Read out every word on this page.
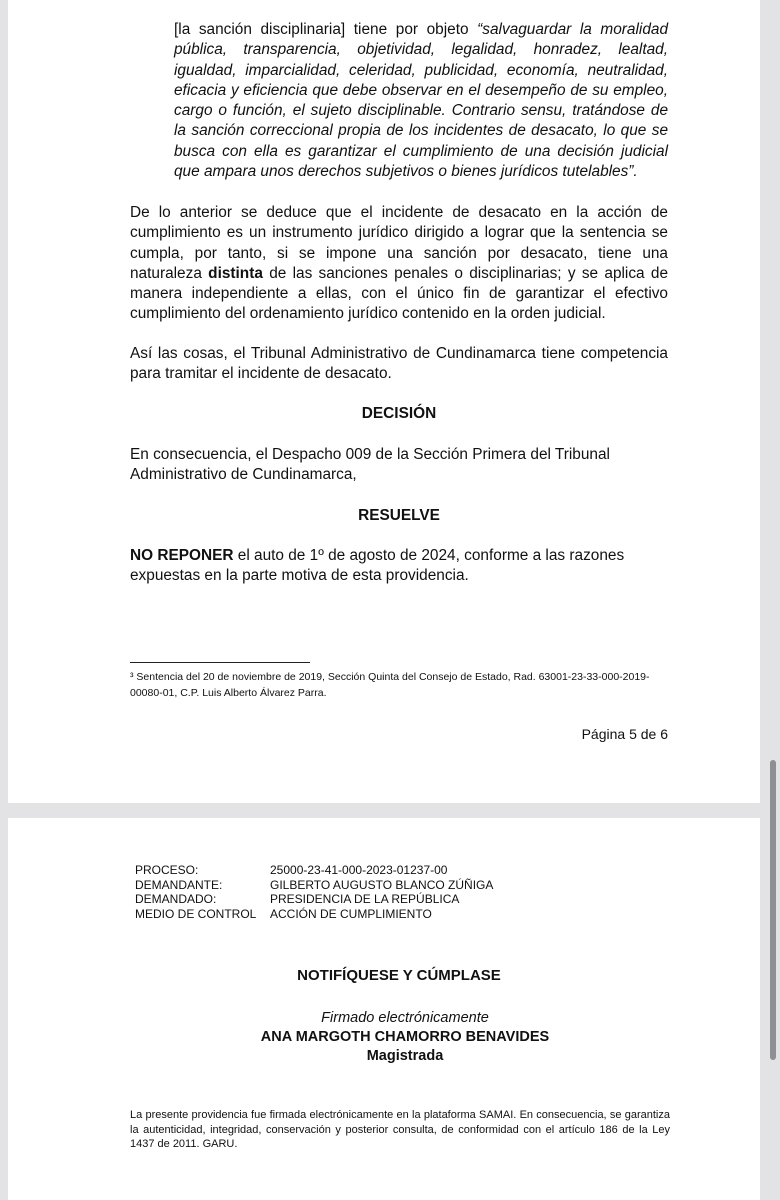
[la sanción disciplinaria] tiene por objeto “salvaguardar la moralidad pública, transparencia, objetividad, legalidad, honradez, lealtad, igualdad, imparcialidad, celeridad, publicidad, economía, neutralidad, eficacia y eficiencia que debe observar en el desempeño de su empleo, cargo o función, el sujeto disciplinable. Contrario sensu, tratándose de la sanción correccional propia de los incidentes de desacato, lo que se busca con ella es garantizar el cumplimiento de una decisión judicial que ampara unos derechos subjetivos o bienes jurídicos tutelables”.

De lo anterior se deduce que el incidente de desacato en la acción de cumplimiento es un instrumento jurídico dirigido a lograr que la sentencia se cumpla, por tanto, si se impone una sanción por desacato, tiene una naturaleza distinta de las sanciones penales o disciplinarias; y se aplica de manera independiente a ellas, con el único fin de garantizar el efectivo cumplimiento del ordenamiento jurídico contenido en la orden judicial.

Así las cosas, el Tribunal Administrativo de Cundinamarca tiene competencia para tramitar el incidente de desacato.

DECISIÓN

En consecuencia, el Despacho 009 de la Sección Primera del Tribunal Administrativo de Cundinamarca,

RESUELVE

NO REPONER el auto de 1º de agosto de 2024, conforme a las razones expuestas en la parte motiva de esta providencia.

³ Sentencia del 20 de noviembre de 2019, Sección Quinta del Consejo de Estado, Rad. 63001-23-33-000-2019-00080-01, C.P. Luis Alberto Álvarez Parra.
Página 5 de 6
PROCESO:
DEMANDANTE:
DEMANDADO:
MEDIO DE CONTROL
25000-23-41-000-2023-01237-00
GILBERTO AUGUSTO BLANCO ZÚÑIGA
PRESIDENCIA DE LA REPÚBLICA
ACCIÓN DE CUMPLIMIENTO

NOTIFÍQUESE Y CÚMPLASE

Firmado electrónicamente

ANA MARGOTH CHAMORRO BENAVIDES

Magistrada

La presente providencia fue firmada electrónicamente en la plataforma SAMAI. En consecuencia, se garantiza la autenticidad, integridad, conservación y posterior consulta, de conformidad con el artículo 186 de la Ley 1437 de 2011. GARU.
